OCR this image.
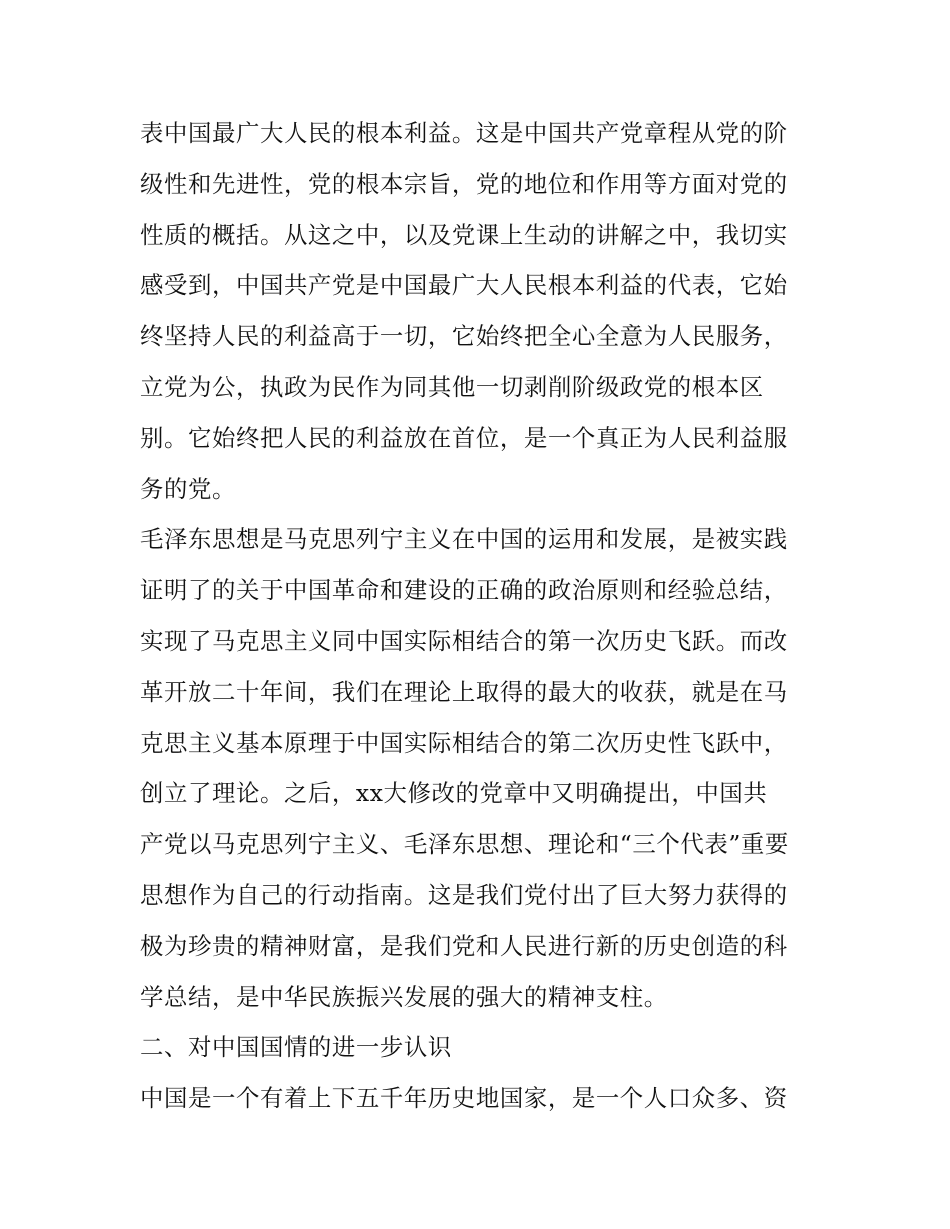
表中国最广大人民的根本利益。这是中国共产党章程从党的阶
级性和先进性，党的根本宗旨，党的地位和作用等方面对党的
性质的概括。从这之中，以及党课上生动的讲解之中，我切实
感受到，中国共产党是中国最广大人民根本利益的代表，它始
终坚持人民的利益高于一切，它始终把全心全意为人民服务，
立党为公，执政为民作为同其他一切剥削阶级政党的根本区
别。它始终把人民的利益放在首位，是一个真正为人民利益服
务的党。
毛泽东思想是马克思列宁主义在中国的运用和发展，是被实践
证明了的关于中国革命和建设的正确的政治原则和经验总结，
实现了马克思主义同中国实际相结合的第一次历史飞跃。而改
革开放二十年间，我们在理论上取得的最大的收获，就是在马
克思主义基本原理于中国实际相结合的第二次历史性飞跃中，
创立了理论。之后，xx大修改的党章中又明确提出，中国共
产党以马克思列宁主义、毛泽东思想、理论和“三个代表”重要
思想作为自己的行动指南。这是我们党付出了巨大努力获得的
极为珍贵的精神财富，是我们党和人民进行新的历史创造的科
学总结，是中华民族振兴发展的强大的精神支柱。
二、对中国国情的进一步认识
中国是一个有着上下五千年历史地国家，是一个人口众多、资
